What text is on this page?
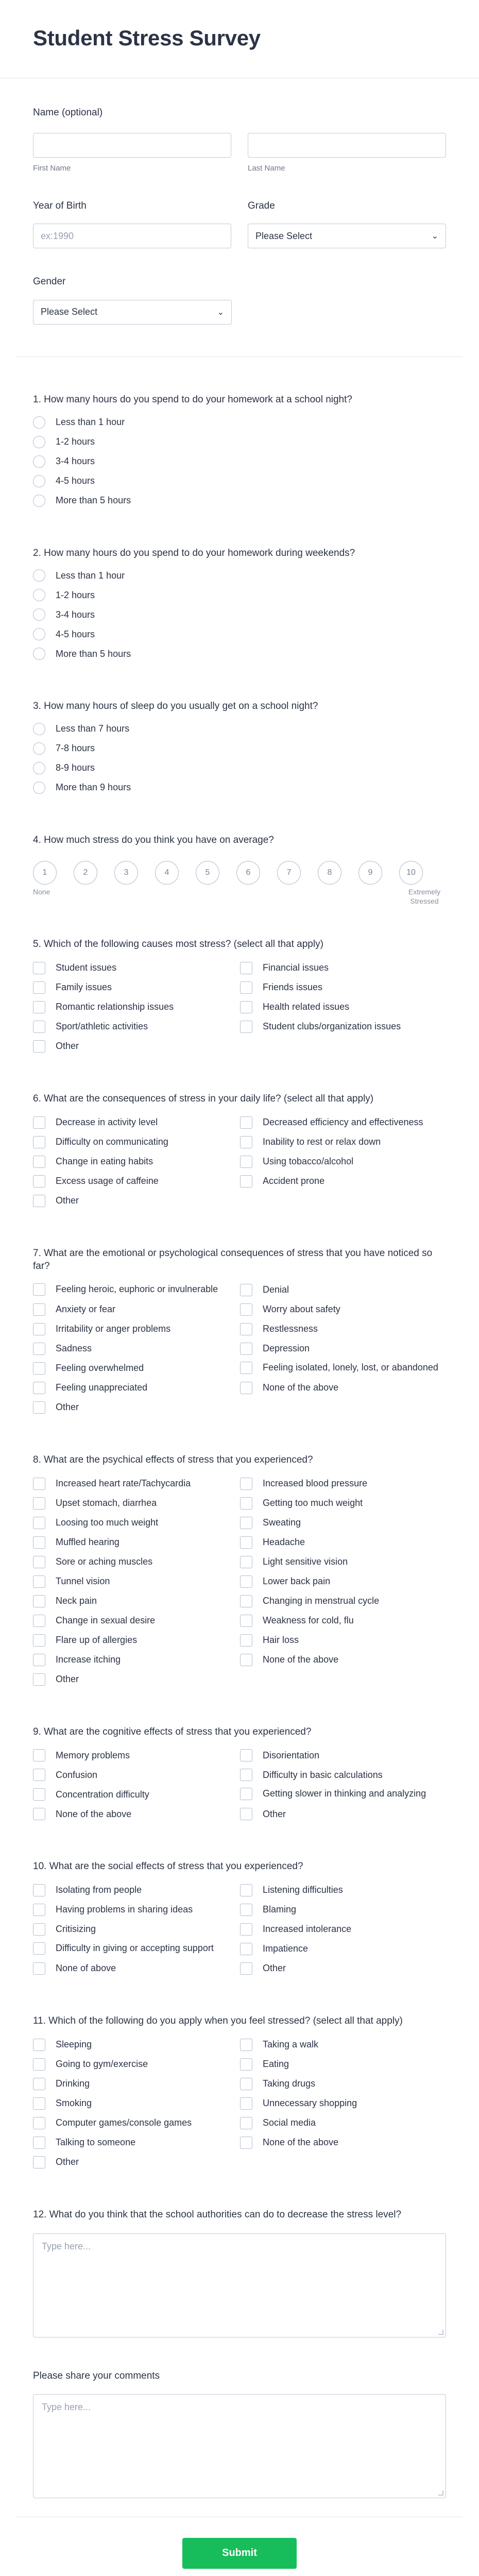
Student Stress Survey
Name (optional)
First Name	Last Name
Year of Birth
ex:1990
Grade
Please Select	⌄
Gender
Please Select	⌄
1. How many hours do you spend to do your homework at a school night?
Less than 1 hour
1-2 hours
3-4 hours
4-5 hours
More than 5 hours
2. How many hours do you spend to do your homework during weekends?
Less than 1 hour
1-2 hours
3-4 hours
4-5 hours
More than 5 hours
3. How many hours of sleep do you usually get on a school night?
Less than 7 hours
7-8 hours
8-9 hours
More than 9 hours
4. How much stress do you think you have on average?
1	2	3	4	5	6	7	8	9	10
None	Extremely Stressed
5. Which of the following causes most stress? (select all that apply)
Student issues	Financial issues
Family issues	Friends issues
Romantic relationship issues	Health related issues
Sport/athletic activities	Student clubs/organization issues
Other
6. What are the consequences of stress in your daily life? (select all that apply)
Decrease in activity level	Decreased efficiency and effectiveness
Difficulty on communicating	Inability to rest or relax down
Change in eating habits	Using tobacco/alcohol
Excess usage of caffeine	Accident prone
Other
7. What are the emotional or psychological consequences of stress that you have noticed so far?
Feeling heroic, euphoric or invulnerable	Denial
Anxiety or fear	Worry about safety
Irritability or anger problems	Restlessness
Sadness	Depression
Feeling overwhelmed	Feeling isolated, lonely, lost, or abandoned
Feeling unappreciated	None of the above
Other
8. What are the psychical effects of stress that you experienced?
Increased heart rate/Tachycardia	Increased blood pressure
Upset stomach, diarrhea	Getting too much weight
Loosing too much weight	Sweating
Muffled hearing	Headache
Sore or aching muscles	Light sensitive vision
Tunnel vision	Lower back pain
Neck pain	Changing in menstrual cycle
Change in sexual desire	Weakness for cold, flu
Flare up of allergies	Hair loss
Increase itching	None of the above
Other
9. What are the cognitive effects of stress that you experienced?
Memory problems	Disorientation
Confusion	Difficulty in basic calculations
Concentration difficulty	Getting slower in thinking and analyzing
None of the above	Other
10. What are the social effects of stress that you experienced?
Isolating from people	Listening difficulties
Having problems in sharing ideas	Blaming
Critisizing	Increased intolerance
Difficulty in giving or accepting support	Impatience
None of above	Other
11. Which of the following do you apply when you feel stressed? (select all that apply)
Sleeping	Taking a walk
Going to gym/exercise	Eating
Drinking	Taking drugs
Smoking	Unnecessary shopping
Computer games/console games	Social media
Talking to someone	None of the above
Other
12. What do you think that the school authorities can do to decrease the stress level?
Type here...
Please share your comments
Type here...
Submit
